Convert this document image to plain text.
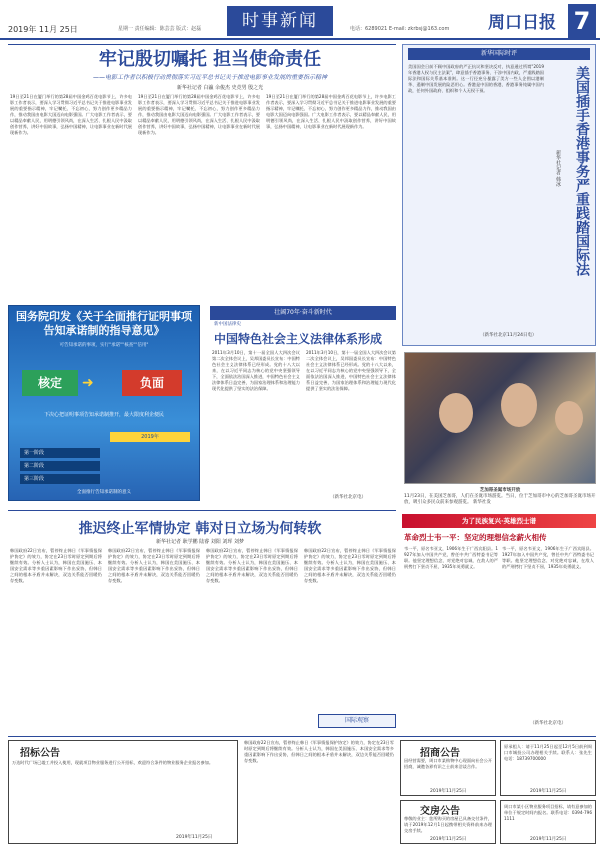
2019年 11月 25日	星期一 责任编辑：陈芸芸 版式：赵磊	时事新闻	电话：6289021 E-mail: zkrbsj@163.com 周口日报 7
牢记殷切嘱托 担当使命责任
——电影工作者以积极行动贯彻落实习近平总书记关于推进电影事业发展的重要指示精神
新华社记者 白瀛 余俊杰 史竞男 殷之光
19日至21日在厦门举行的第28届中国金鸡百花电影节上，许多电影工作者表示，要深入学习贯彻习近平总书记关于推进电影事业发展的重要指示精神，牢记嘱托、不忘初心，努力创作更多精品力作，推动我国由电影大国迈向电影强国。广大电影工作者表示，要以精品奉献人民，用明德引领风尚，在深入生活、扎根人民中汲取创作营养，讲好中国故事，弘扬中国精神，让电影事业在新时代展现新作为。
19日至21日在厦门举行的第28届中国金鸡百花电影节上，许多电影工作者表示，要深入学习贯彻习近平总书记关于推进电影事业发展的重要指示精神，牢记嘱托、不忘初心，努力创作更多精品力作，推动我国由电影大国迈向电影强国。广大电影工作者表示，要以精品奉献人民，用明德引领风尚，在深入生活、扎根人民中汲取创作营养，讲好中国故事，弘扬中国精神，让电影事业在新时代展现新作为。
19日至21日在厦门举行的第28届中国金鸡百花电影节上，许多电影工作者表示，要深入学习贯彻习近平总书记关于推进电影事业发展的重要指示精神，牢记嘱托、不忘初心，努力创作更多精品力作，推动我国由电影大国迈向电影强国。广大电影工作者表示，要以精品奉献人民，用明德引领风尚，在深入生活、扎根人民中汲取创作营养，讲好中国故事，弘扬中国精神，让电影事业在新时代展现新作为。
新华国际时评
美国插手香港事务严重践踏国际法
新华社记者 韩冰
美国国会日前不顾中国政府的严正抗议和坚决反对，执意通过所谓"2019年香港人权与民主法案"，肆意插手香港事务、干涉中国内政，严重践踏国际法和国际关系基本准则。这一行径充分暴露了美方一些人企图以港制华、遏制中国发展的险恶用心。香港是中国的香港，香港事务纯属中国内政，任何外国政府、组织和个人无权干预。
（新华社北京11月24日电）
芝加哥圣诞市场开放
11月23日，在美国芝加哥，人们在圣诞市场游览。当日，位于芝加哥市中心的芝加哥圣诞市场开放，吸引众多民众前来参观游览。 新华社发
国务院印发《关于全面推行证明事项告知承诺制的指导意见》
可告知承诺的事项，实行"承诺""核查""信用"
核定	➜	负面
下决心把证明事项告知承诺制推开，最大限度利企便民
2019年
第一阶段
第二阶段
第三阶段
全面推行告知承诺制的意义
壮阔70年·奋斗新时代
新中国法律史
中国特色社会主义法律体系形成
2011年3月10日，第十一届全国人大四次会议第二次全体会议上，吴邦国委员长宣布：中国特色社会主义法律体系已经形成。党的十八大以来，在以习近平同志为核心的党中央坚强领导下，全面依法治国深入推进，中国特色社会主义法律体系日益完善，为国家治理体系和治理能力现代化提供了坚实的法治保障。
2011年3月10日，第十一届全国人大四次会议第二次全体会议上，吴邦国委员长宣布：中国特色社会主义法律体系已经形成。党的十八大以来，在以习近平同志为核心的党中央坚强领导下，全面依法治国深入推进，中国特色社会主义法律体系日益完善，为国家治理体系和治理能力现代化提供了坚实的法治保障。
（新华社北京电）
推迟终止军情协定 韩对日立场为何转软
新华社记者 耿学鹏 陆睿 刘阳 刘珲 刘梦
韩国政府22日宣布，暂停终止韩日《军事情报保护协定》的效力，协定在23日零时原定到期后将继续有效。分析人士认为，韩国在美国施压、本国安全需求等多重因素影响下作出妥协，但韩日之间的根本矛盾并未解决，双边关系能否回暖仍存变数。
韩国政府22日宣布，暂停终止韩日《军事情报保护协定》的效力，协定在23日零时原定到期后将继续有效。分析人士认为，韩国在美国施压、本国安全需求等多重因素影响下作出妥协，但韩日之间的根本矛盾并未解决，双边关系能否回暖仍存变数。
韩国政府22日宣布，暂停终止韩日《军事情报保护协定》的效力，协定在23日零时原定到期后将继续有效。分析人士认为，韩国在美国施压、本国安全需求等多重因素影响下作出妥协，但韩日之间的根本矛盾并未解决，双边关系能否回暖仍存变数。
韩国政府22日宣布，暂停终止韩日《军事情报保护协定》的效力，协定在23日零时原定到期后将继续有效。分析人士认为，韩国在美国施压、本国安全需求等多重因素影响下作出妥协，但韩日之间的根本矛盾并未解决，双边关系能否回暖仍存变数。
国际观察
为了民族复兴·英雄烈士谱
革命烈士韦一平：坚定的理想信念薪火相传
韦一平，原名韦亚文，1906年生于广西宾阳县。1927年加入中国共产党，曾任中共广西特委书记等职。他坚定理想信念、对党绝对忠诚，在敌人的严刑拷打下坚贞不屈，1935年英勇就义。
韦一平，原名韦亚文，1906年生于广西宾阳县。1927年加入中国共产党，曾任中共广西特委书记等职。他坚定理想信念、对党绝对忠诚，在敌人的严刑拷打下坚贞不屈，1935年英勇就义。
（新华社北京电）
招标公告
万达时代广场已竣工并投入使用，现就项目物业服务进行公开招标，欢迎符合条件的物业服务企业报名参加。
2019年11月25日
韩国政府22日宣布，暂停终止韩日《军事情报保护协定》的效力，协定在23日零时原定到期后将继续有效。分析人士认为，韩国在美国施压、本国安全需求等多重因素影响下作出妥协，但韩日之间的根本矛盾并未解决，双边关系能否回暖仍存变数。
招商公告
因经营需要，周口市某购物中心现面向社会公开招商，诚邀各界有识之士前来洽谈合作。
2019年11月25日
交房公告
尊敬的业主：您所购买的房屋已具备交付条件，请于2019年12月1日起携带相关资料前来办理交房手续。
2019年11月25日
原承租人：请于11月25日起至12月5日前到周口市城投公司办理相关手续。联系人：张先生 电话：18739700000
2019年11月25日
周口市某小区物业服务项目招标，请有意参加的单位于规定时间内报名。联系电话：0394-7961111
2019年11月25日
